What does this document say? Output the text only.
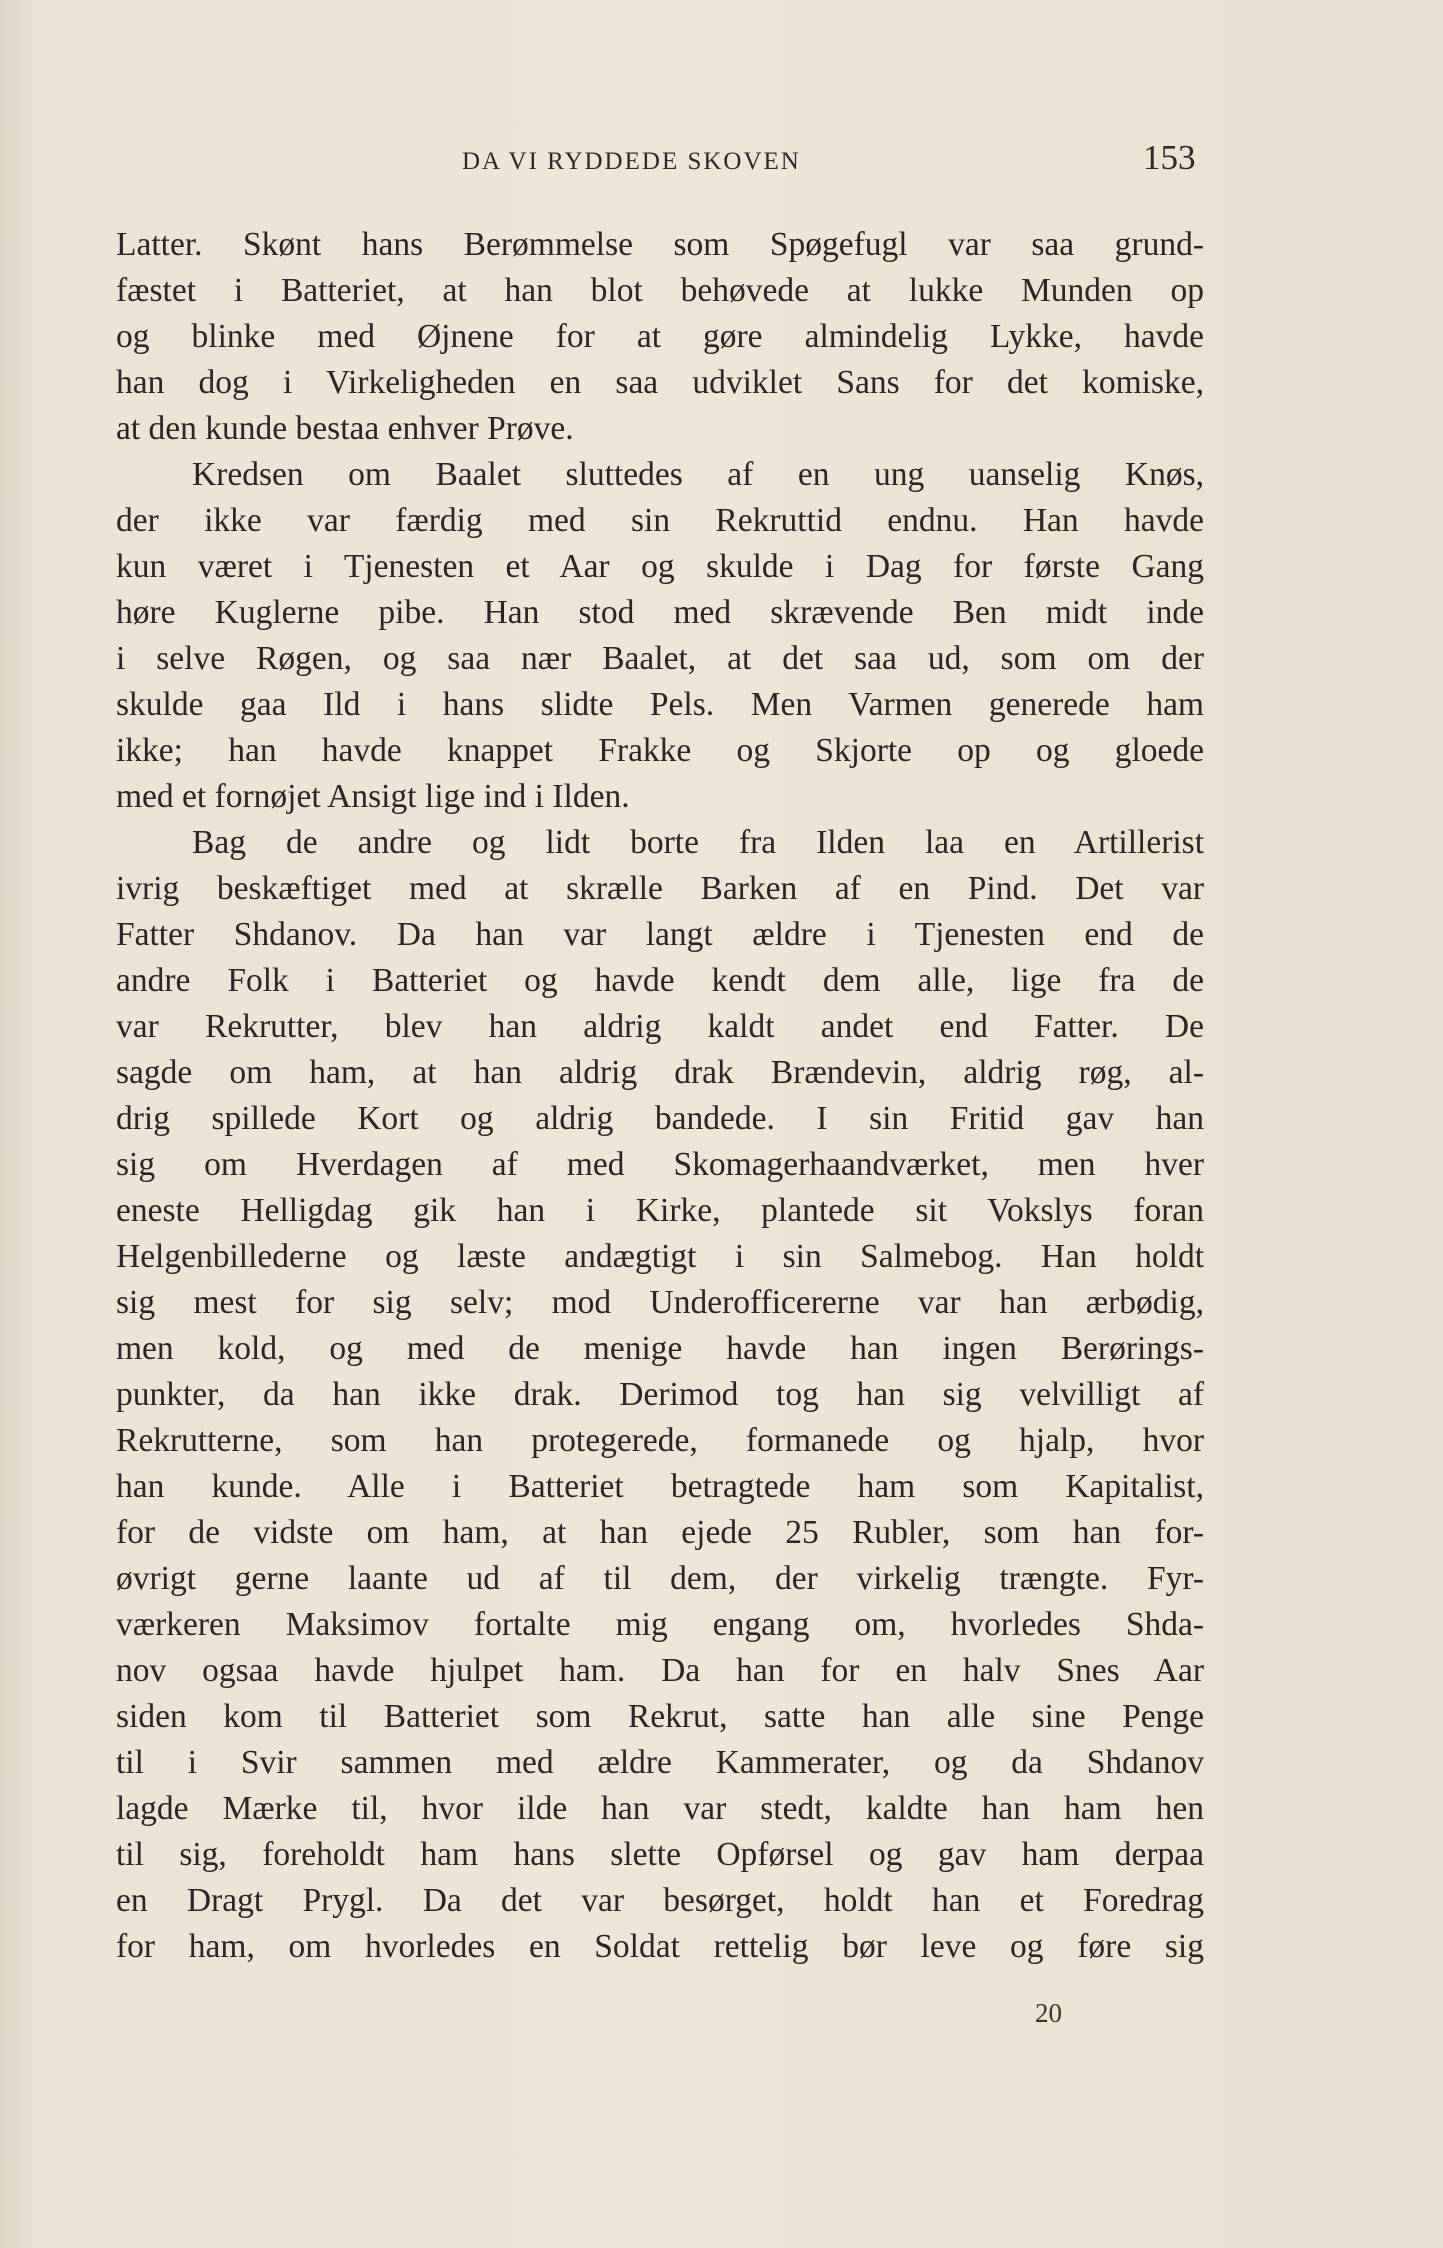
DA VI RYDDEDE SKOVEN	153
Latter. Skønt hans Berømmelse som Spøgefugl var saa grund-
fæstet i Batteriet, at han blot behøvede at lukke Munden op
og blinke med Øjnene for at gøre almindelig Lykke, havde
han dog i Virkeligheden en saa udviklet Sans for det komiske,
at den kunde bestaa enhver Prøve.
Kredsen om Baalet sluttedes af en ung uanselig Knøs,
der ikke var færdig med sin Rekruttid endnu. Han havde
kun været i Tjenesten et Aar og skulde i Dag for første Gang
høre Kuglerne pibe. Han stod med skrævende Ben midt inde
i selve Røgen, og saa nær Baalet, at det saa ud, som om der
skulde gaa Ild i hans slidte Pels. Men Varmen generede ham
ikke; han havde knappet Frakke og Skjorte op og gloede
med et fornøjet Ansigt lige ind i Ilden.
Bag de andre og lidt borte fra Ilden laa en Artillerist
ivrig beskæftiget med at skrælle Barken af en Pind. Det var
Fatter Shdanov. Da han var langt ældre i Tjenesten end de
andre Folk i Batteriet og havde kendt dem alle, lige fra de
var Rekrutter, blev han aldrig kaldt andet end Fatter. De
sagde om ham, at han aldrig drak Brændevin, aldrig røg, al-
drig spillede Kort og aldrig bandede. I sin Fritid gav han
sig om Hverdagen af med Skomagerhaandværket, men hver
eneste Helligdag gik han i Kirke, plantede sit Vokslys foran
Helgenbillederne og læste andægtigt i sin Salmebog. Han holdt
sig mest for sig selv; mod Underofficererne var han ærbødig,
men kold, og med de menige havde han ingen Berørings-
punkter, da han ikke drak. Derimod tog han sig velvilligt af
Rekrutterne, som han protegerede, formanede og hjalp, hvor
han kunde. Alle i Batteriet betragtede ham som Kapitalist,
for de vidste om ham, at han ejede 25 Rubler, som han for-
øvrigt gerne laante ud af til dem, der virkelig trængte. Fyr-
værkeren Maksimov fortalte mig engang om, hvorledes Shda-
nov ogsaa havde hjulpet ham. Da han for en halv Snes Aar
siden kom til Batteriet som Rekrut, satte han alle sine Penge
til i Svir sammen med ældre Kammerater, og da Shdanov
lagde Mærke til, hvor ilde han var stedt, kaldte han ham hen
til sig, foreholdt ham hans slette Opførsel og gav ham derpaa
en Dragt Prygl. Da det var besørget, holdt han et Foredrag
for ham, om hvorledes en Soldat rettelig bør leve og føre sig
20
